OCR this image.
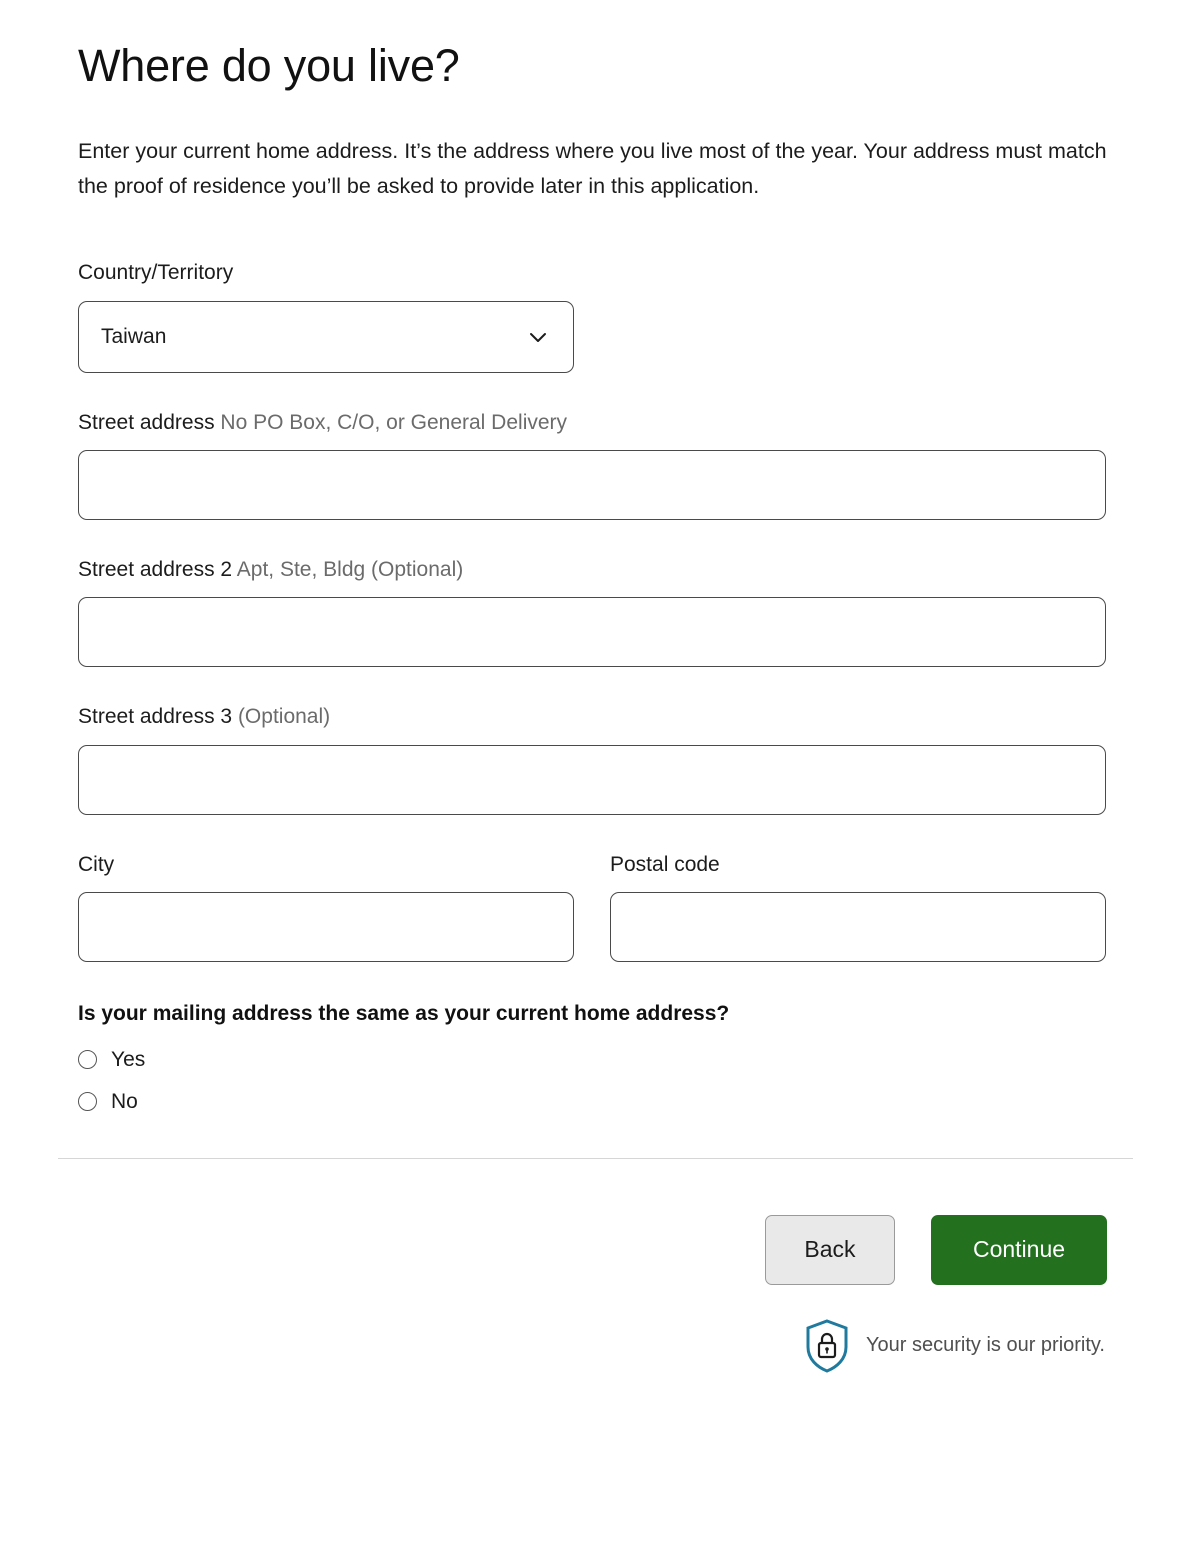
Where do you live?

Enter your current home address. It’s the address where you live most of the year. Your address must match the proof of residence you’ll be asked to provide later in this application.

Country/Territory
Taiwan
Street address No PO Box, C/O, or General Delivery
Street address 2 Apt, Ste, Bldg (Optional)
Street address 3 (Optional)
City	Postal code
Is your mailing address the same as your current home address?
Yes
No
Back	Continue
Your security is our priority.
